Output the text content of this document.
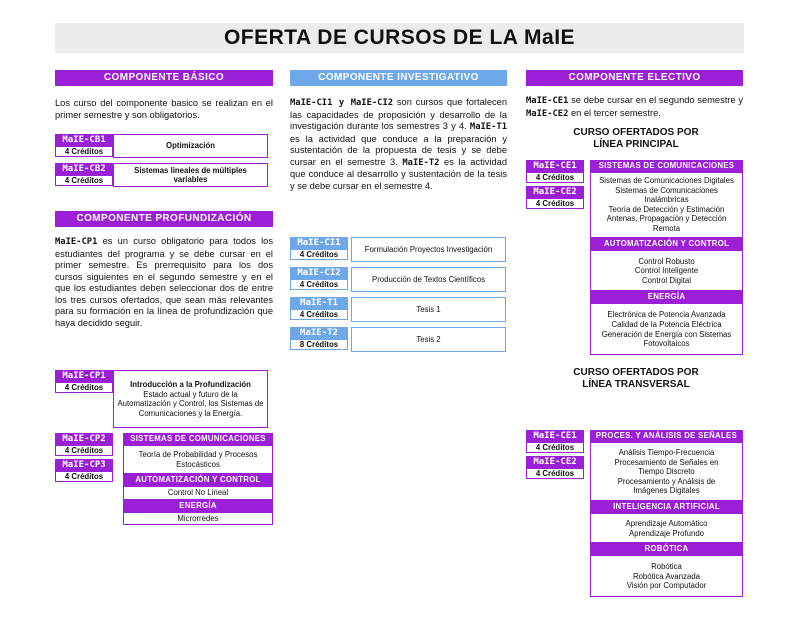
OFERTA DE CURSOS DE LA MaIE
COMPONENTE BÁSICO
Los curso del componente basico se realizan en el primer semestre y son obligatorios.
MaIE-CB1
4 Créditos
Optimización
MaIE-CB2
4 Créditos
Sistemas lineales de múltiples variables
COMPONENTE PROFUNDIZACIÓN
MaIE-CP1 es un curso obligatorio para todos los estudiantes del programa y se debe cursar en el primer semestre. Es prerrequisito para los dos cursos siguientes en el segundo semestre y en el que los estudiantes deben seleccionar dos de entre los tres cursos ofertados, que sean más relevantes para su formación en la línea de profundización que haya decidido seguir.
MaIE-CP1
4 Créditos	Introducción a la Profundización
Estado actual y futuro de la Automatización y Control, los Sistemas de Comunicaciones y la Energía.
MaIE-CP2
4 Créditos
MaIE-CP3
4 Créditos
SISTEMAS DE COMUNICACIONES
Teoría de Probabilidad y Procesos Estocásticos
AUTOMATIZACIÓN Y CONTROL
Control No Lineal
ENERGÍA
Microrredes
COMPONENTE INVESTIGATIVO
MaIE-CI1 y MaIE-CI2 son cursos que fortalecen las capacidades de proposición y desarrollo de la investigación durante los semestres 3 y 4. MaIE-T1 es la actividad que conduce a la preparación y sustentación de la propuesta de tesis y se debe cursar en el semestre 3. MaIE-T2 es la actividad que conduce al desarrollo y sustentación de la tesis y se debe cursar en el semestre 4.
MaIE-CI1
4 Créditos
Formulación Proyectos Investigación
MaIE-CI2
4 Créditos
Producción de Textos Científicos
MaIE-T1
4 Créditos
Tesis 1
MaIE-T2
8 Créditos
Tesis 2
COMPONENTE ELECTIVO
MaIE-CE1 se debe cursar en el segundo semestre y MaIE-CE2 en el tercer semestre.
CURSO OFERTADOS POR LÍNEA PRINCIPAL
MaIE-CE1
4 Créditos
MaIE-CE2
4 Créditos
SISTEMAS DE COMUNICACIONES
Sistemas de Comunicaciones Digitales
Sistemas de Comunicaciones Inalámbricas
Teoría de Detección y Estimación
Antenas, Propagación y Detección Remota
AUTOMATIZACIÓN Y CONTROL
Control Robusto
Control Inteligente
Control Digital
ENERGÍA
Electrónica de Potencia Avanzada
Calidad de la Potencia Eléctrica
Generación de Energía con Sistemas Fotovoltaicos
CURSO OFERTADOS POR LÍNEA TRANSVERSAL
MaIE-CE1
4 Créditos
MaIE-CE2
4 Créditos
PROCES. Y ANÁLISIS DE SEÑALES
Análisis Tiempo-Frecuencia
Procesamiento de Señales en Tiempo Discreto
Procesamiento y Análisis de Imágenes Digitales
INTELIGENCIA ARTIFICIAL
Aprendizaje Automático
Aprendizaje Profundo
ROBÓTICA
Robótica
Robótica Avanzada
Visión por Computador
